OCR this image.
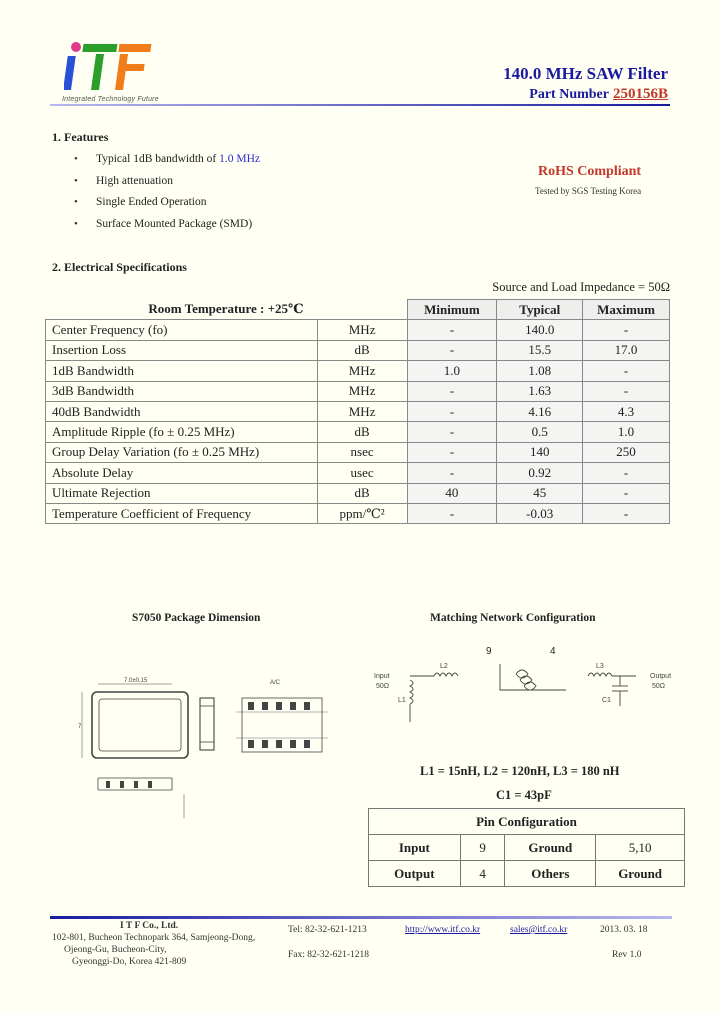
Integrated Technology Future
140.0 MHz SAW Filter
Part Number 250156B
1. Features
• Typical 1dB bandwidth of 1.0 MHz
• High attenuation
• Single Ended Operation
• Surface Mounted Package (SMD)
RoHS Compliant
Tested by SGS Testing Korea
2. Electrical Specifications
Source and Load Impedance = 50Ω
Room Temperature : +25℃		Minimum	Typical	Maximum
Center Frequency (fo)	MHz	-	140.0	-
Insertion Loss	dB	-	15.5	17.0
1dB Bandwidth	MHz	1.0	1.08	-
3dB Bandwidth	MHz	-	1.63	-
40dB Bandwidth	MHz	-	4.16	4.3
Amplitude Ripple (fo ± 0.25 MHz)	dB	-	0.5	1.0
Group Delay Variation (fo ± 0.25 MHz)	nsec	-	140	250
Absolute Delay	usec	-	0.92	-
Ultimate Rejection	dB	40	45	-
Temperature Coefficient of Frequency	ppm/℃²	-	-0.03	-
S7050 Package Dimension	Matching Network Configuration
7.0±0.15
7
A/C
9	4
Input
50Ω
Output
50Ω
L1
L2	L3
C1
L1 = 15nH, L2 = 120nH, L3 = 180 nH
C1 = 43pF
Pin Configuration			
Input	9	Ground	5,10
Output	4	Others	Ground
I T F Co., Ltd.
102-801, Bucheon Technopark 364, Samjeong-Dong,
Ojeong-Gu, Bucheon-City,
Gyeonggi-Do, Korea 421-809
Tel: 82-32-621-1213
Fax: 82-32-621-1218
http://www.itf.co.kr	sales@itf.co.kr	2013. 03. 18
Rev 1.0
